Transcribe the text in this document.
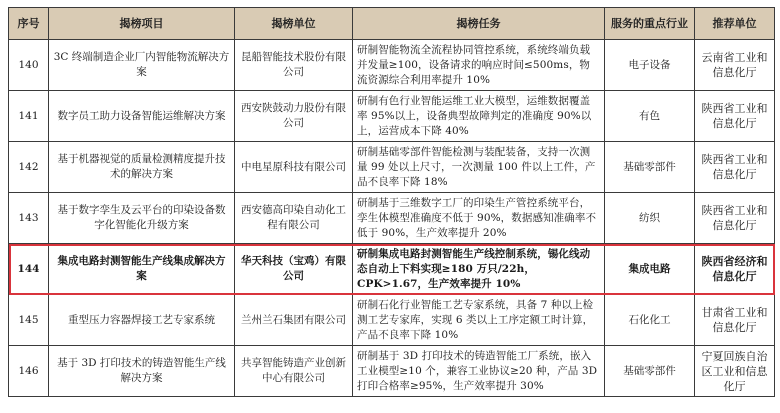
序号	揭榜项目	揭榜单位	揭榜任务	服务的重点行业	推荐单位
140	3C 终端制造企业厂内智能物流解决方案	昆船智能技术股份有限公司	研制智能物流全流程协同管控系统，系统终端负载并发量≥100，设备请求的响应时间≤500ms，物流资源综合利用率提升 10%	电子设备	云南省工业和信息化厅
141	数字员工助力设备智能运维解决方案	西安陕鼓动力股份有限公司	研制有色行业智能运维工业大模型，运维数据覆盖率 95%以上，设备典型故障判定的准确度 90%以上，运营成本下降 40%	有色	陕西省工业和信息化厅
142	基于机器视觉的质量检测精度提升技术的解决方案	中电星原科技有限公司	研制基础零部件智能检测与装配装备，支持一次测量 99 处以上尺寸，一次测量 100 件以上工件，产品不良率下降 18%	基础零部件	陕西省工业和信息化厅
143	基于数字孪生及云平台的印染设备数字化智能化升级方案	西安德高印染自动化工程有限公司	研制基于三维数字工厂的印染生产管控系统平台，孪生体模型准确度不低于 90%，数据感知准确率不低于 90%，生产效率提升 20%	纺织	陕西省工业和信息化厅
144	集成电路封测智能生产线集成解决方案	华天科技（宝鸡）有限公司	研制集成电路封测智能生产线控制系统，锡化线动态自动上下料实现≥180 万只/22h，CPK>1.67，生产效率提升 10%	集成电路	陕西省经济和信息化厅
145	重型压力容器焊接工艺专家系统	兰州兰石集团有限公司	研制石化行业智能工艺专家系统，具备 7 种以上检测工艺专家库，实现 6 类以上工序定额工时计算，产品不良率下降 10%	石化化工	甘肃省工业和信息化厅
146	基于 3D 打印技术的铸造智能生产线解决方案	共享智能铸造产业创新中心有限公司	研制基于 3D 打印技术的铸造智能工厂系统，嵌入工业模型≥10 个，兼容工业协议≥20 种，产品 3D 打印合格率≥95%，生产效率提升 30%	基础零部件	宁夏回族自治区工业和信息化厅
